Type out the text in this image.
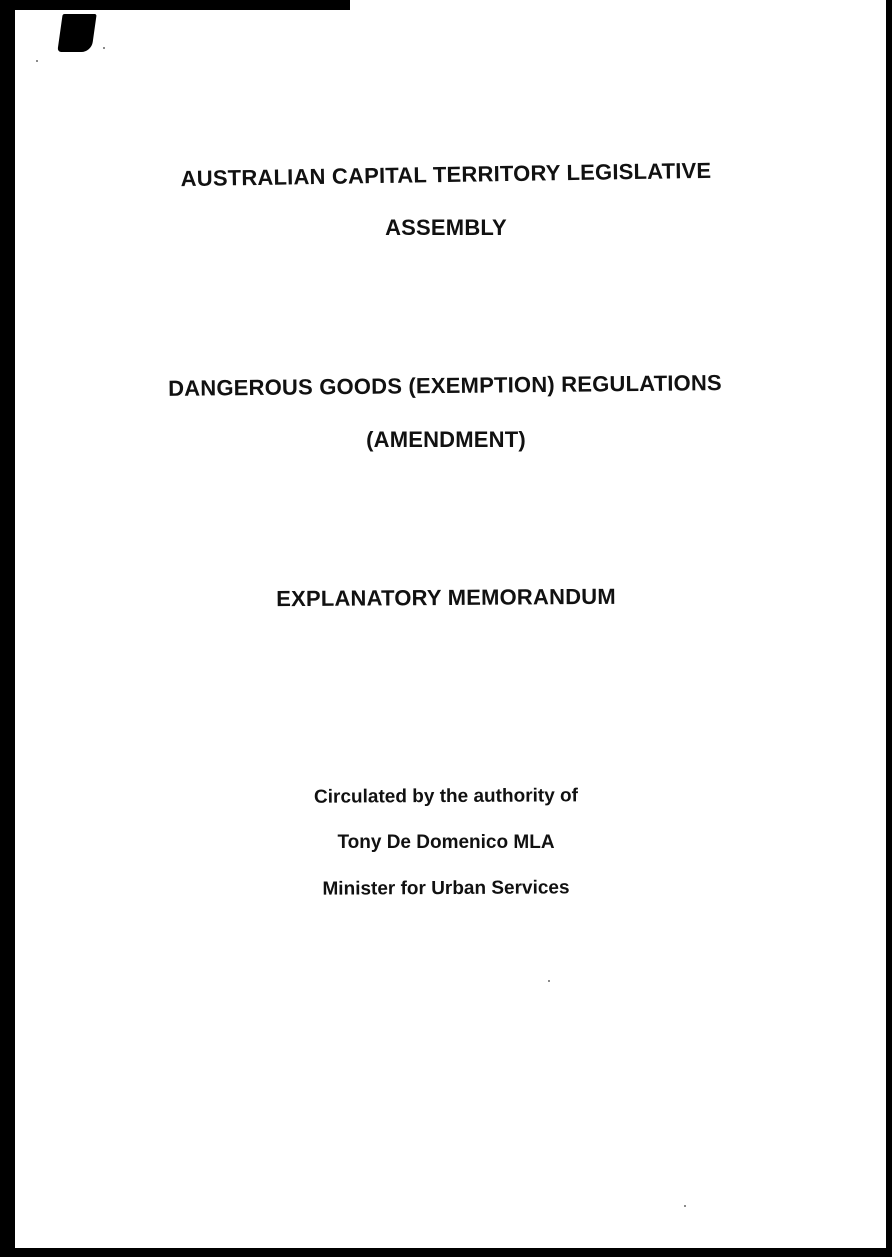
AUSTRALIAN CAPITAL TERRITORY LEGISLATIVE
ASSEMBLY
DANGEROUS GOODS (EXEMPTION) REGULATIONS
(AMENDMENT)
EXPLANATORY MEMORANDUM
Circulated by the authority of
Tony De Domenico MLA
Minister for Urban Services
